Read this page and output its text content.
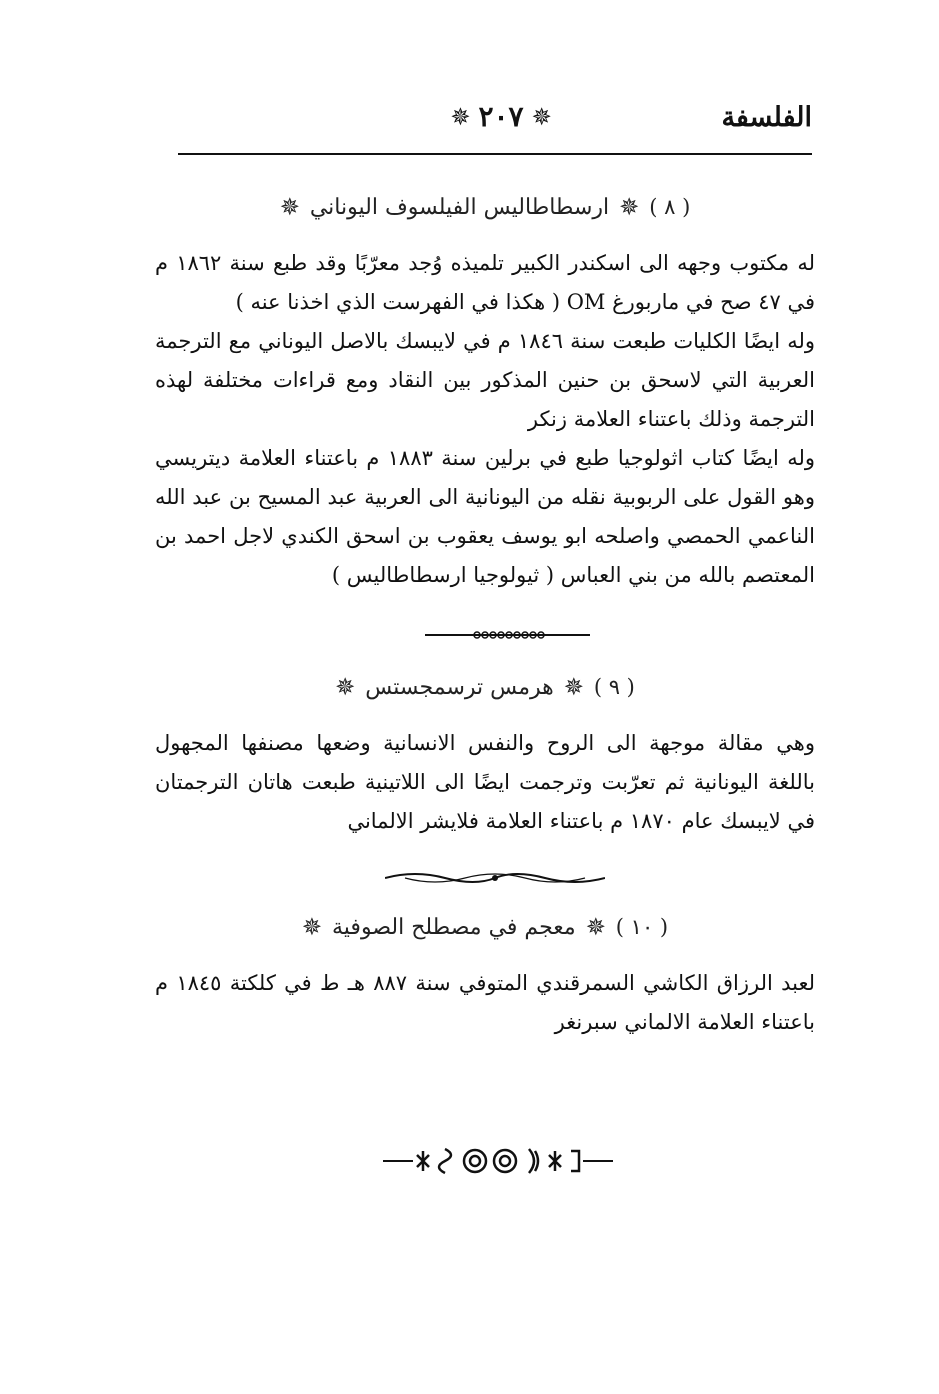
الفلسفة
✵ ٢٠٧ ✵
( ٨ )
✵
ارسطاطاليس الفيلسوف اليوناني
✵

له مكتوب وجهه الى اسكندر الكبير تلميذه وُجد معرّبًا وقد طبع سنة ١٨٦٢ م في ٤٧ صح في ماربورغ OM ( هكذا في الفهرست الذي اخذنا عنه )

وله ايضًا الكليات طبعت سنة ١٨٤٦ م في لايبسك بالاصل اليوناني مع الترجمة العربية التي لاسحق بن حنين المذكور بين النقاد ومع قراءات مختلفة لهذه الترجمة وذلك باعتناء العلامة زنكر

وله ايضًا كتاب اثولوجيا طبع في برلين سنة ١٨٨٣ م باعتناء العلامة ديتريسي وهو القول على الربوبية نقله من اليونانية الى العربية عبد المسيح بن عبد الله الناعمي الحمصي واصلحه ابو يوسف يعقوب بن اسحق الكندي لاجل احمد بن المعتصم بالله من بني العباس ( ثيولوجيا ارسطاطاليس )

( ٩ )
✵
هرمس ترسمجستس
✵

وهي مقالة موجهة الى الروح والنفس الانسانية وضعها مصنفها المجهول باللغة اليونانية ثم تعرّبت وترجمت ايضًا الى اللاتينية طبعت هاتان الترجمتان في لايبسك عام ١٨٧٠ م باعتناء العلامة فلايشر الالماني

( ١٠ )
✵
معجم في مصطلح الصوفية
✵

لعبد الرزاق الكاشي السمرقندي المتوفي سنة ٨٨٧ هـ ط في كلكتة ١٨٤٥ م باعتناء العلامة الالماني سبرنغر
